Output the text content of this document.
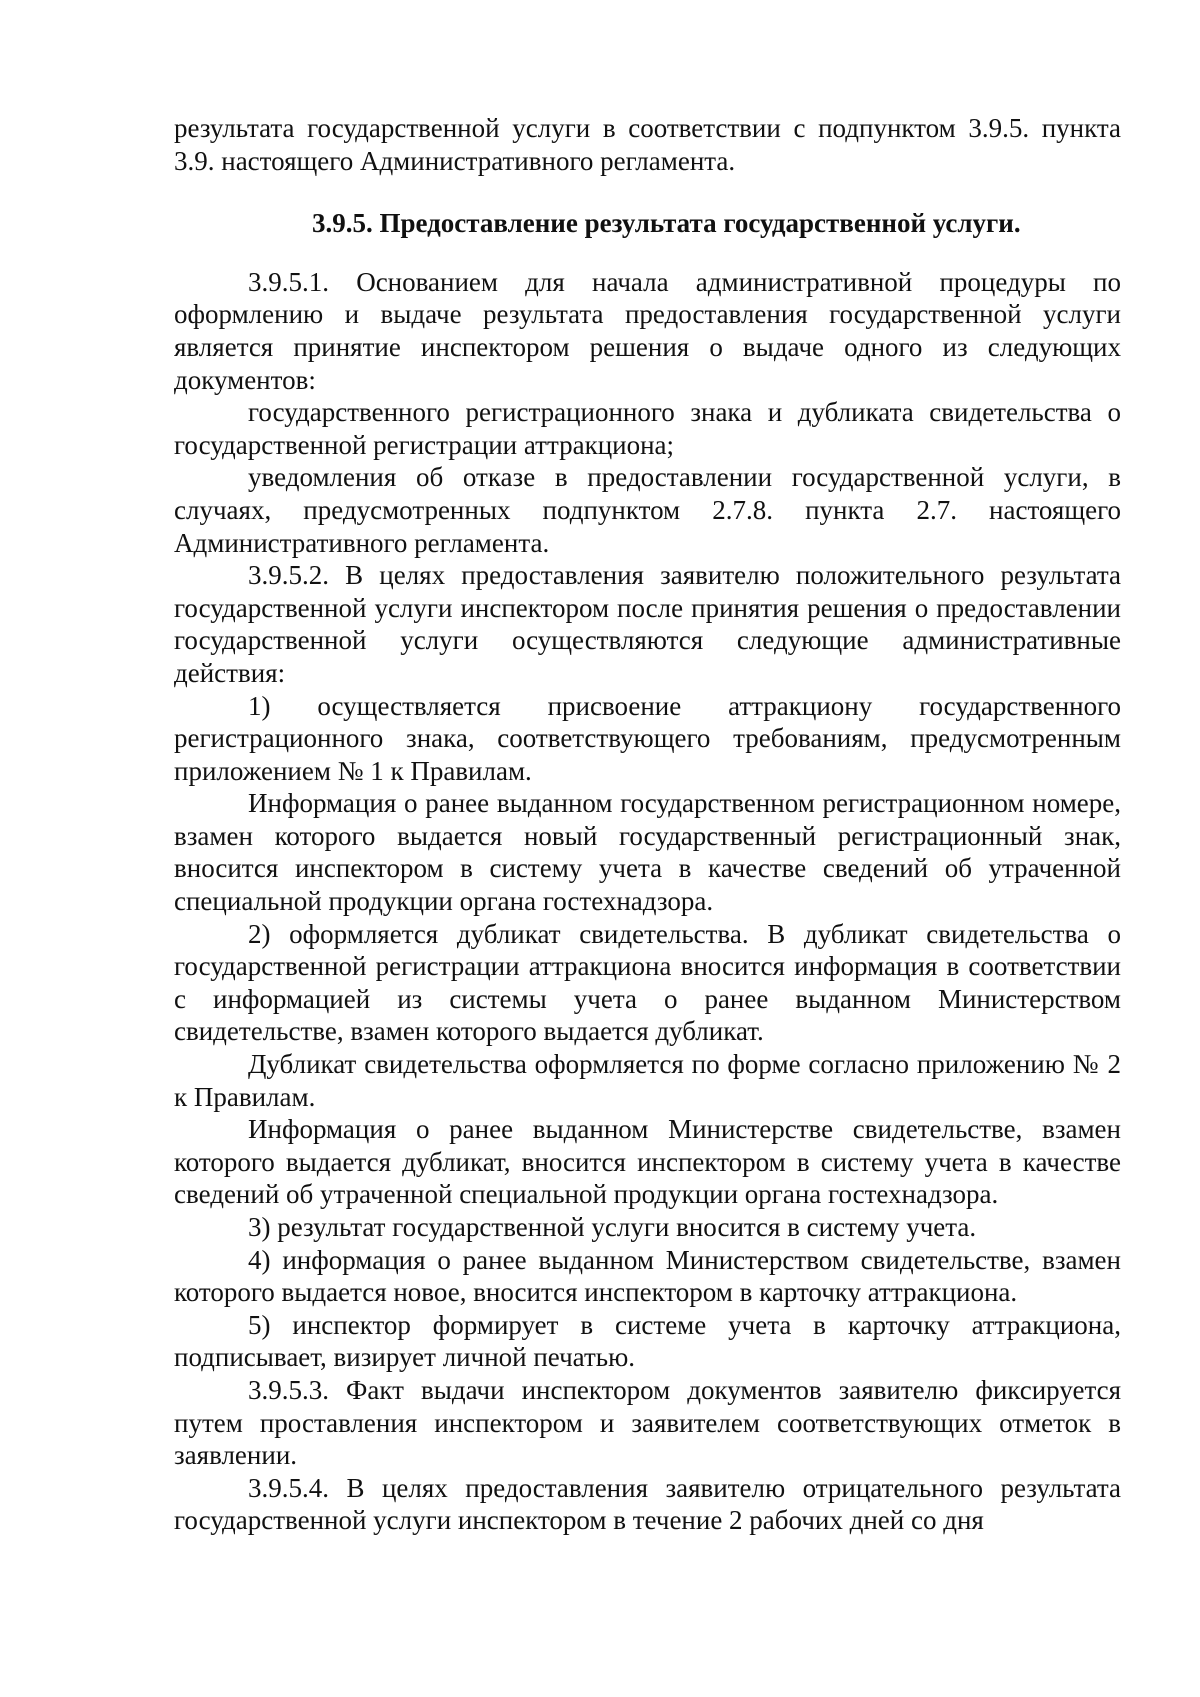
результата государственной услуги в соответствии с подпунктом 3.9.5. пункта 3.9. настоящего Административного регламента.

3.9.5. Предоставление результата государственной услуги.

3.9.5.1. Основанием для начала административной процедуры по оформлению и выдаче результата предоставления государственной услуги является принятие инспектором решения о выдаче одного из следующих документов:

государственного регистрационного знака и дубликата свидетельства о государственной регистрации аттракциона;

уведомления об отказе в предоставлении государственной услуги, в случаях, предусмотренных подпунктом 2.7.8. пункта 2.7. настоящего Административного регламента.

3.9.5.2. В целях предоставления заявителю положительного результата государственной услуги инспектором после принятия решения о предоставлении государственной услуги осуществляются следующие административные действия:

1) осуществляется присвоение аттракциону государственного регистрационного знака, соответствующего требованиям, предусмотренным приложением № 1 к Правилам.

Информация о ранее выданном государственном регистрационном номере, взамен которого выдается новый государственный регистрационный знак, вносится инспектором в систему учета в качестве сведений об утраченной специальной продукции органа гостехнадзора.

2) оформляется дубликат свидетельства. В дубликат свидетельства о государственной регистрации аттракциона вносится информация в соответствии с информацией из системы учета о ранее выданном Министерством свидетельстве, взамен которого выдается дубликат.

Дубликат свидетельства оформляется по форме согласно приложению № 2 к Правилам.

Информация о ранее выданном Министерстве свидетельстве, взамен которого выдается дубликат, вносится инспектором в систему учета в качестве сведений об утраченной специальной продукции органа гостехнадзора.

3) результат государственной услуги вносится в систему учета.

4) информация о ранее выданном Министерством свидетельстве, взамен которого выдается новое, вносится инспектором в карточку аттракциона.

5) инспектор формирует в системе учета в карточку аттракциона, подписывает, визирует личной печатью.

3.9.5.3. Факт выдачи инспектором документов заявителю фиксируется путем проставления инспектором и заявителем соответствующих отметок в заявлении.

3.9.5.4. В целях предоставления заявителю отрицательного результата государственной услуги инспектором в течение 2 рабочих дней со дня
